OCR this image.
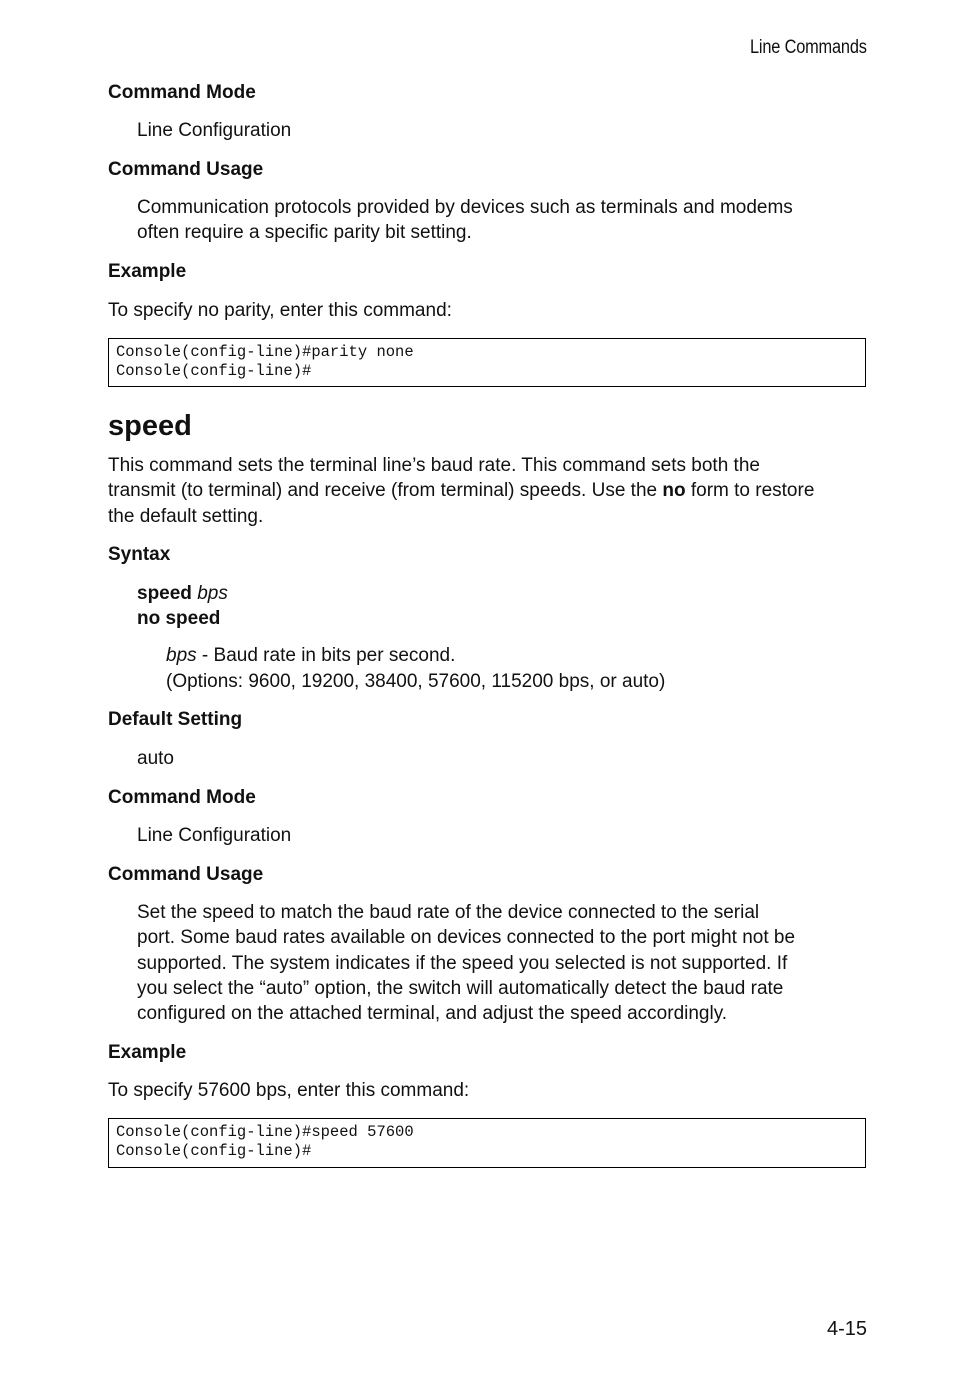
Line Commands
Command Mode
Line Configuration
Command Usage
Communication protocols provided by devices such as terminals and modems
often require a specific parity bit setting.
Example
To specify no parity, enter this command:
Console(config-line)#parity none
Console(config-line)#
speed
This command sets the terminal line’s baud rate. This command sets both the
transmit (to terminal) and receive (from terminal) speeds. Use the no form to restore
the default setting.
Syntax
speed bps
no speed
bps - Baud rate in bits per second.
(Options: 9600, 19200, 38400, 57600, 115200 bps, or auto)
Default Setting
auto
Command Mode
Line Configuration
Command Usage
Set the speed to match the baud rate of the device connected to the serial
port. Some baud rates available on devices connected to the port might not be
supported. The system indicates if the speed you selected is not supported. If
you select the “auto” option, the switch will automatically detect the baud rate
configured on the attached terminal, and adjust the speed accordingly.
Example
To specify 57600 bps, enter this command:
Console(config-line)#speed 57600
Console(config-line)#
4-15
